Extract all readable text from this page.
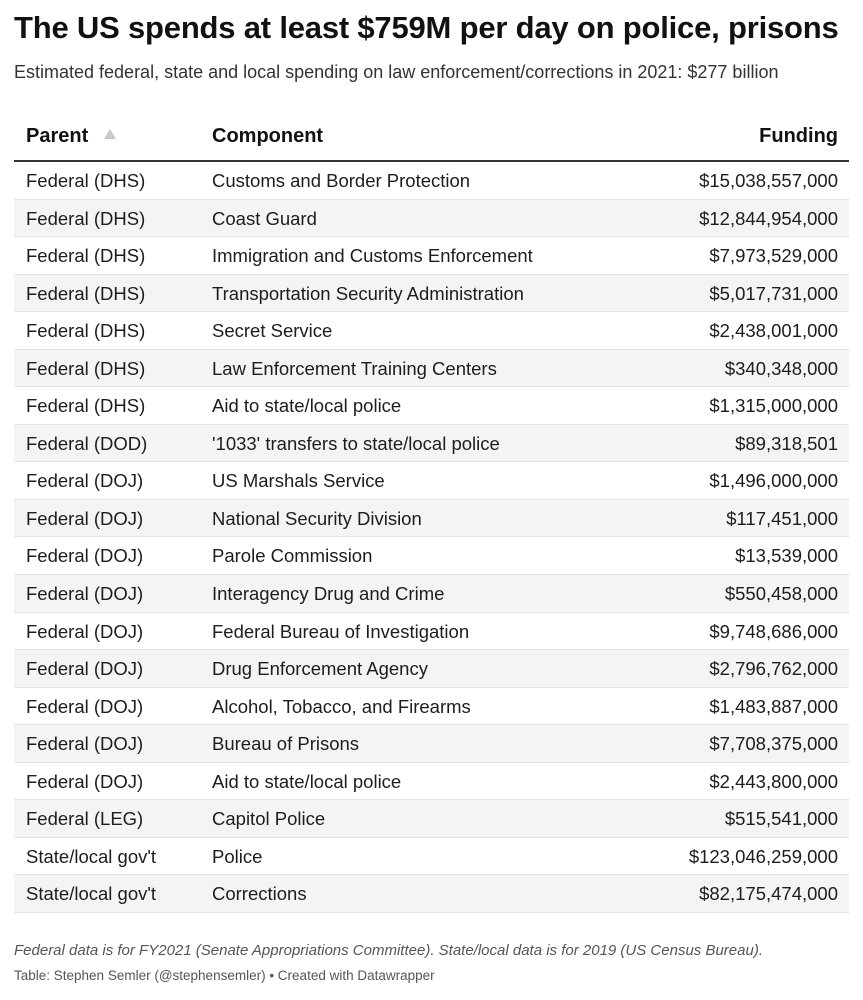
The US spends at least $759M per day on police, prisons
Estimated federal, state and local spending on law enforcement/corrections in 2021: $277 billion
Parent	Component	Funding
Federal (DHS)	Customs and Border Protection	$15,038,557,000
Federal (DHS)	Coast Guard	$12,844,954,000
Federal (DHS)	Immigration and Customs Enforcement	$7,973,529,000
Federal (DHS)	Transportation Security Administration	$5,017,731,000
Federal (DHS)	Secret Service	$2,438,001,000
Federal (DHS)	Law Enforcement Training Centers	$340,348,000
Federal (DHS)	Aid to state/local police	$1,315,000,000
Federal (DOD)	'1033' transfers to state/local police	$89,318,501
Federal (DOJ)	US Marshals Service	$1,496,000,000
Federal (DOJ)	National Security Division	$117,451,000
Federal (DOJ)	Parole Commission	$13,539,000
Federal (DOJ)	Interagency Drug and Crime	$550,458,000
Federal (DOJ)	Federal Bureau of Investigation	$9,748,686,000
Federal (DOJ)	Drug Enforcement Agency	$2,796,762,000
Federal (DOJ)	Alcohol, Tobacco, and Firearms	$1,483,887,000
Federal (DOJ)	Bureau of Prisons	$7,708,375,000
Federal (DOJ)	Aid to state/local police	$2,443,800,000
Federal (LEG)	Capitol Police	$515,541,000
State/local gov't	Police	$123,046,259,000
State/local gov't	Corrections	$82,175,474,000
Federal data is for FY2021 (Senate Appropriations Committee). State/local data is for 2019 (US Census Bureau).
Table: Stephen Semler (@stephensemler) • Created with Datawrapper
